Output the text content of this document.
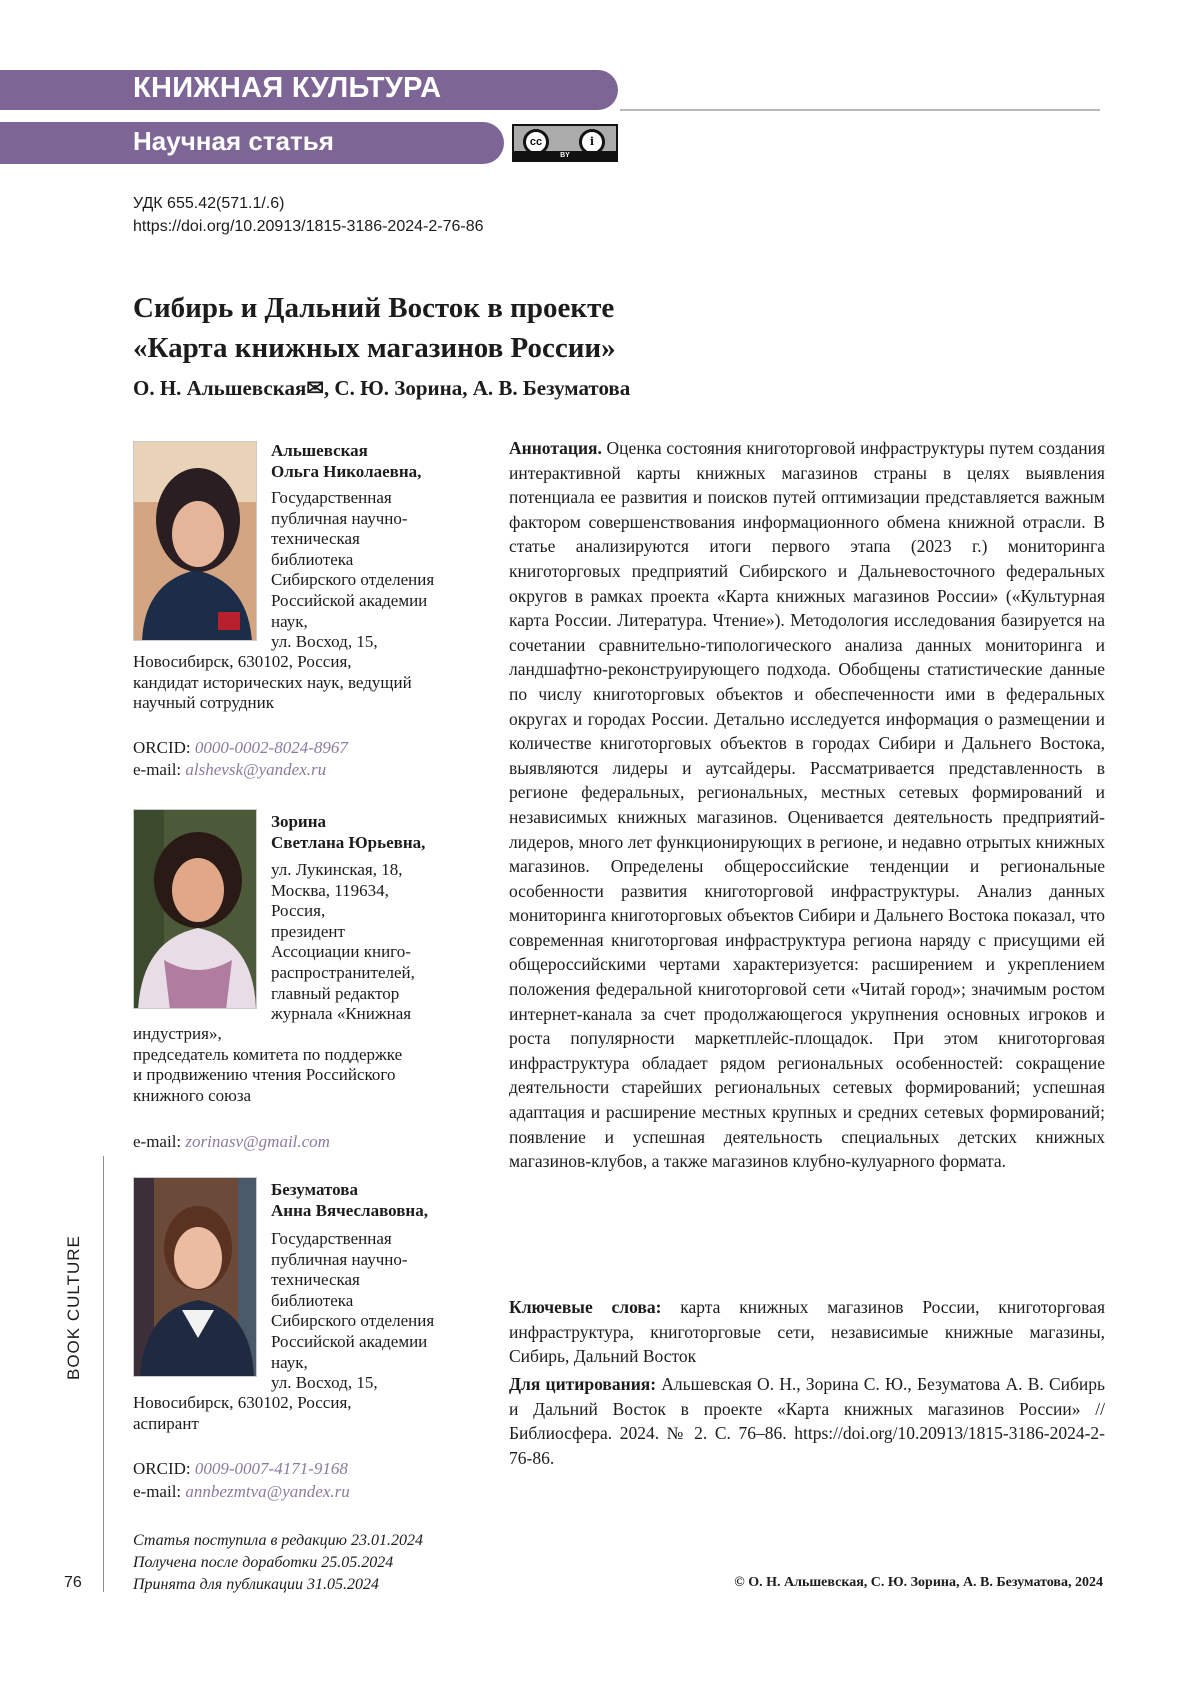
КНИЖНАЯ КУЛЬТУРА
Научная статья	cc	i
BY
УДК 655.42(571.1/.6)
https://doi.org/10.20913/1815-3186-2024-2-76-86
Сибирь и Дальний Восток в проекте
«Карта книжных магазинов России»
О. Н. Альшевская✉, С. Ю. Зорина, А. В. Безуматова
Альшевская
Ольга Николаевна,
Государственная
публичная научно-
техническая
библиотека
Сибирского отделения
Российской академии
наук,
ул. Восход, 15,
Новосибирск, 630102, Россия,
кандидат исторических наук, ведущий
научный сотрудник
ORCID: 0000-0002-8024-8967
e-mail: alshevsk@yandex.ru
Зорина
Светлана Юрьевна,
ул. Лукинская, 18,
Москва, 119634,
Россия,
президент
Ассоциации книго-
распространителей,
главный редактор
журнала «Книжная
индустрия»,
председатель комитета по поддержке
и продвижению чтения Российского
книжного союза
e-mail: zorinasv@gmail.com
Безуматова
Анна Вячеславовна,
Государственная
публичная научно-
техническая
библиотека
Сибирского отделения
Российской академии
наук,
ул. Восход, 15,
Новосибирск, 630102, Россия,
аспирант
ORCID: 0009-0007-4171-9168
e-mail: annbezmtva@yandex.ru
Статья поступила в редакцию 23.01.2024
Получена после доработки 25.05.2024
Принята для публикации 31.05.2024
Аннотация. Оценка состояния книготорговой инфраструктуры путем создания интерактивной карты книжных магазинов страны в целях выявления потенциала ее развития и поисков путей оптимизации представляется важным фактором совершенствования информационного обмена книжной отрасли. В статье анализируются итоги первого этапа (2023 г.) мониторинга книготорговых предприятий Сибирского и Дальневосточного федеральных округов в рамках проекта «Карта книжных магазинов России» («Культурная карта России. Литература. Чтение»). Методология исследования базируется на сочетании сравнительно-типологического анализа данных мониторинга и ландшафтно-реконструирующего подхода. Обобщены статистические данные по числу книготорговых объектов и обеспеченности ими в федеральных округах и городах России. Детально исследуется информация о размещении и количестве книготорговых объектов в городах Сибири и Дальнего Востока, выявляются лидеры и аутсайдеры. Рассматривается представленность в регионе федеральных, региональных, местных сетевых формирований и независимых книжных магазинов. Оценивается деятельность предприятий-лидеров, много лет функционирующих в регионе, и недавно отрытых книжных магазинов. Определены общероссийские тенденции и региональные особенности развития книготорговой инфраструктуры. Анализ данных мониторинга книготорговых объектов Сибири и Дальнего Востока показал, что современная книготорговая инфраструктура региона наряду с присущими ей общероссийскими чертами характеризуется: расширением и укреплением положения федеральной книготорговой сети «Читай город»; значимым ростом интернет-канала за счет продолжающегося укрупнения основных игроков и роста популярности маркетплейс-площадок. При этом книготорговая инфраструктура обладает рядом региональных особенностей: сокращение деятельности старейших региональных сетевых формирований; успешная адаптация и расширение местных крупных и средних сетевых формирований; появление и успешная деятельность специальных детских книжных магазинов-клубов, а также магазинов клубно-кулуарного формата.
Ключевые слова: карта книжных магазинов России, книготорговая инфраструктура, книготорговые сети, независимые книжные магазины, Сибирь, Дальний Восток
Для цитирования: Альшевская О. Н., Зорина С. Ю., Безуматова А. В. Сибирь и Дальний Восток в проекте «Карта книжных магазинов России» // Библиосфера. 2024. № 2. С. 76–86. https://doi.org/10.20913/1815-3186-2024-2-76-86.
BOOK CULTURE
76	© О. Н. Альшевская, С. Ю. Зорина, А. В. Безуматова, 2024
